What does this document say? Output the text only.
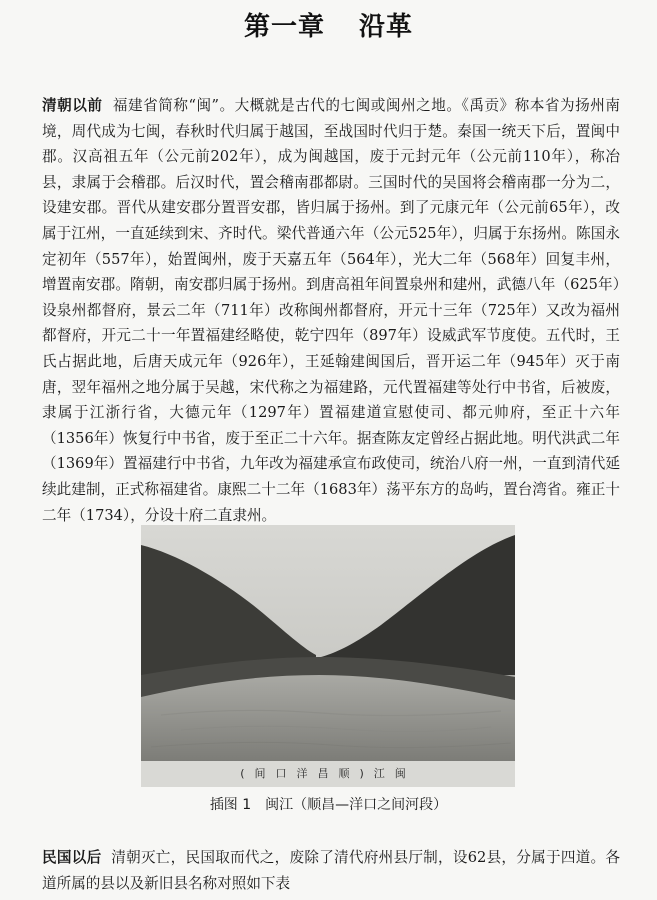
第一章 沿革
清朝以前 福建省简称“闽”。大概就是古代的七闽或闽州之地。《禹贡》称本省为扬州南境，周代成为七闽，春秋时代归属于越国，至战国时代归于楚。秦国一统天下后，置闽中郡。汉高祖五年（公元前202年），成为闽越国，废于元封元年（公元前110年），称冶县，隶属于会稽郡。后汉时代，置会稽南郡都尉。三国时代的吴国将会稽南郡一分为二，设建安郡。晋代从建安郡分置晋安郡，皆归属于扬州。到了元康元年（公元前65年），改属于江州，一直延续到宋、齐时代。梁代普通六年（公元525年），归属于东扬州。陈国永定初年（557年），始置闽州，废于天嘉五年（564年），光大二年（568年）回复丰州，增置南安郡。隋朝，南安郡归属于扬州。到唐高祖年间置泉州和建州，武德八年（625年）设泉州都督府，景云二年（711年）改称闽州都督府，开元十三年（725年）又改为福州都督府，开元二十一年置福建经略使，乾宁四年（897年）设威武军节度使。五代时，王氏占据此地，后唐天成元年（926年），王延翰建闽国后，晋开运二年（945年）灭于南唐，翌年福州之地分属于吴越，宋代称之为福建路，元代置福建等处行中书省，后被废，隶属于江浙行省，大德元年（1297年）置福建道宣慰使司、都元帅府，至正十六年（1356年）恢复行中书省，废于至正二十六年。据查陈友定曾经占据此地。明代洪武二年（1369年）置福建行中书省，九年改为福建承宣布政使司，统治八府一州，一直到清代延续此建制，正式称福建省。康熙二十二年（1683年）荡平东方的岛屿，置台湾省。雍正十二年（1734），分设十府二直隶州。
(间口洋昌顺)江闽
插图 1　闽江（顺昌—洋口之间河段）
民国以后 清朝灭亡，民国取而代之，废除了清代府州县厅制，设62县，分属于四道。各道所属的县以及新旧县名称对照如下表
